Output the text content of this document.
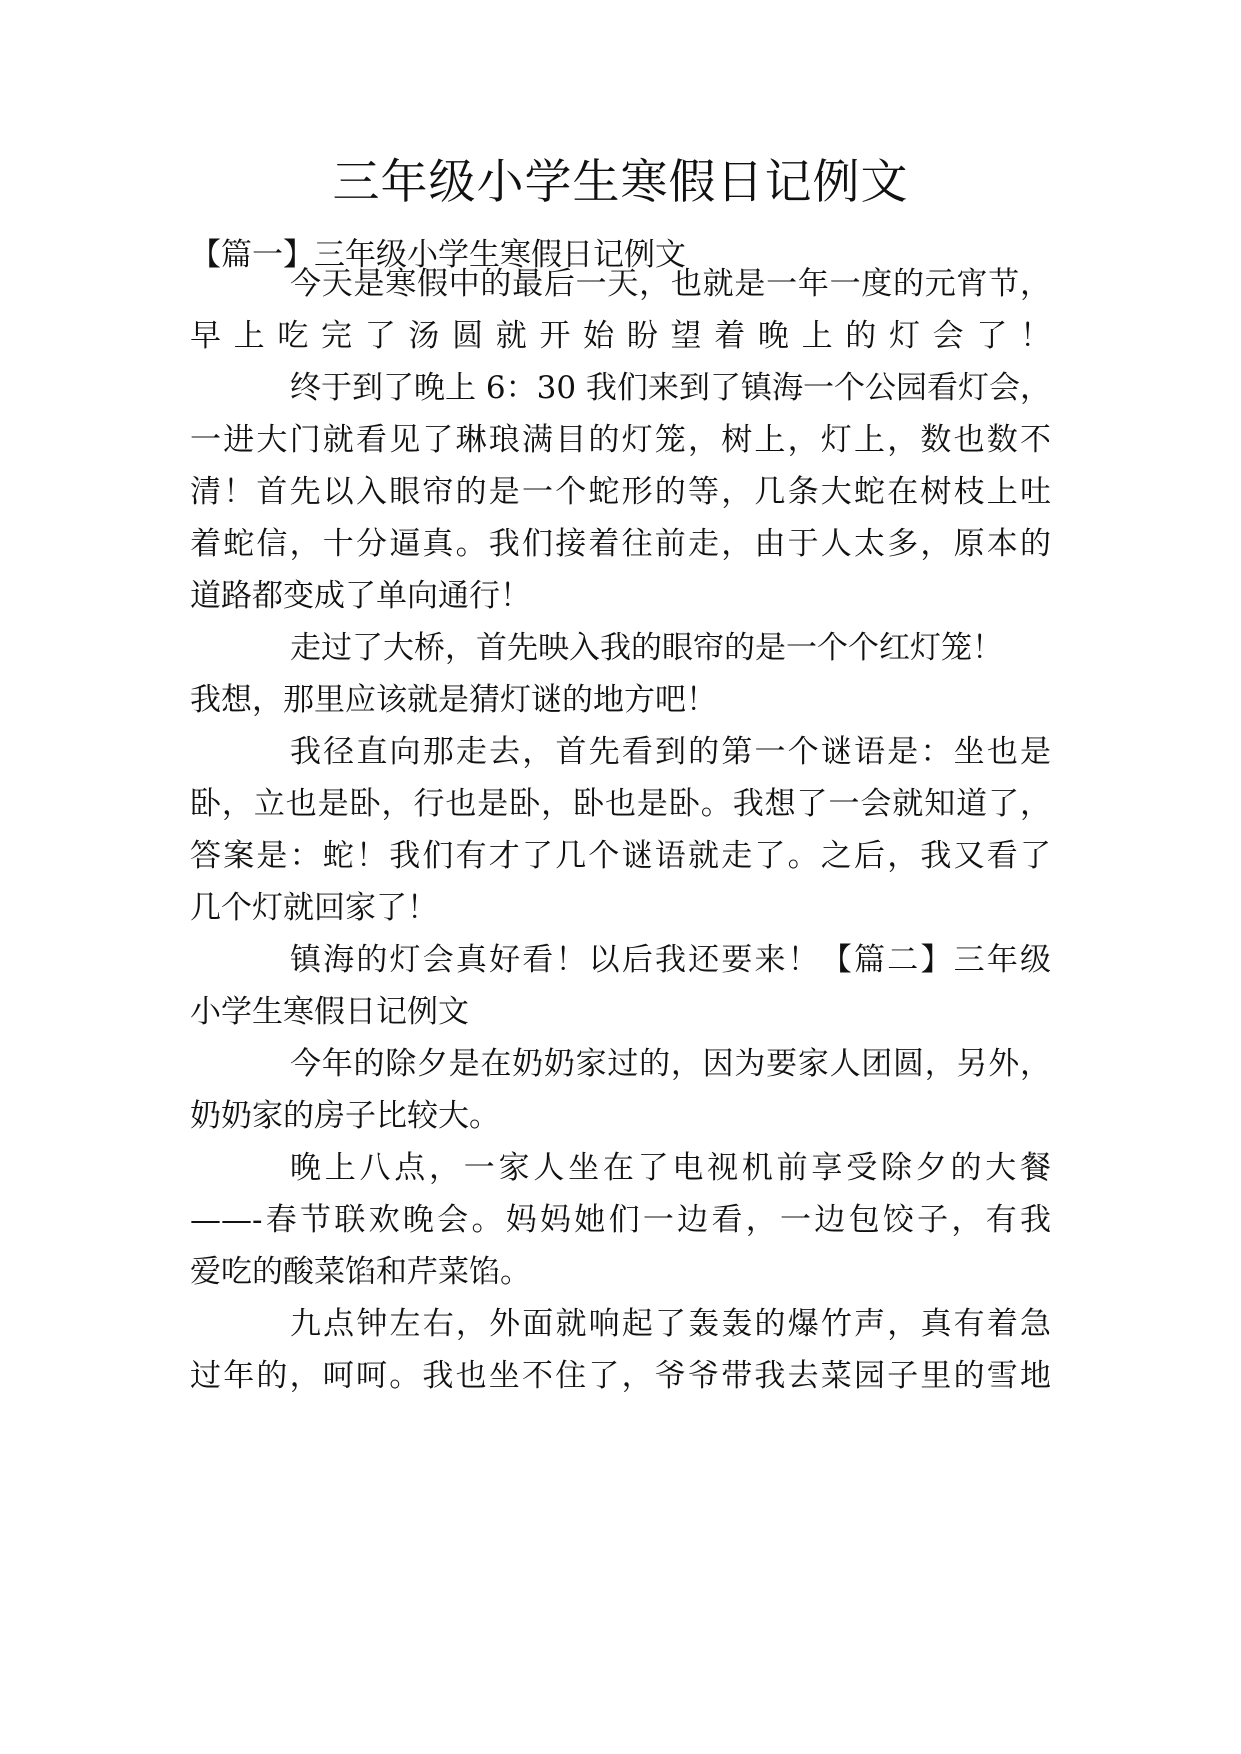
三年级小学生寒假日记例文

【篇一】三年级小学生寒假日记例文

今天是寒假中的最后一天，也就是一年一度的元宵节，

早上吃完了汤圆就开始盼望着晚上的灯会了！

终于到了晚上 6：30 我们来到了镇海一个公园看灯会，

一进大门就看见了琳琅满目的灯笼，树上，灯上，数也数不

清！首先以入眼帘的是一个蛇形的等，几条大蛇在树枝上吐

着蛇信，十分逼真。我们接着往前走，由于人太多，原本的

道路都变成了单向通行！

走过了大桥，首先映入我的眼帘的是一个个红灯笼！

我想，那里应该就是猜灯谜的地方吧！

我径直向那走去，首先看到的第一个谜语是：坐也是

卧，立也是卧，行也是卧，卧也是卧。我想了一会就知道了，

答案是：蛇！我们有才了几个谜语就走了。之后，我又看了

几个灯就回家了！

镇海的灯会真好看！以后我还要来！【篇二】三年级

小学生寒假日记例文

今年的除夕是在奶奶家过的，因为要家人团圆，另外，

奶奶家的房子比较大。

晚上八点，一家人坐在了电视机前享受除夕的大餐

——-春节联欢晚会。妈妈她们一边看，一边包饺子，有我

爱吃的酸菜馅和芹菜馅。

九点钟左右，外面就响起了轰轰的爆竹声，真有着急

过年的，呵呵。我也坐不住了，爷爷带我去菜园子里的雪地
